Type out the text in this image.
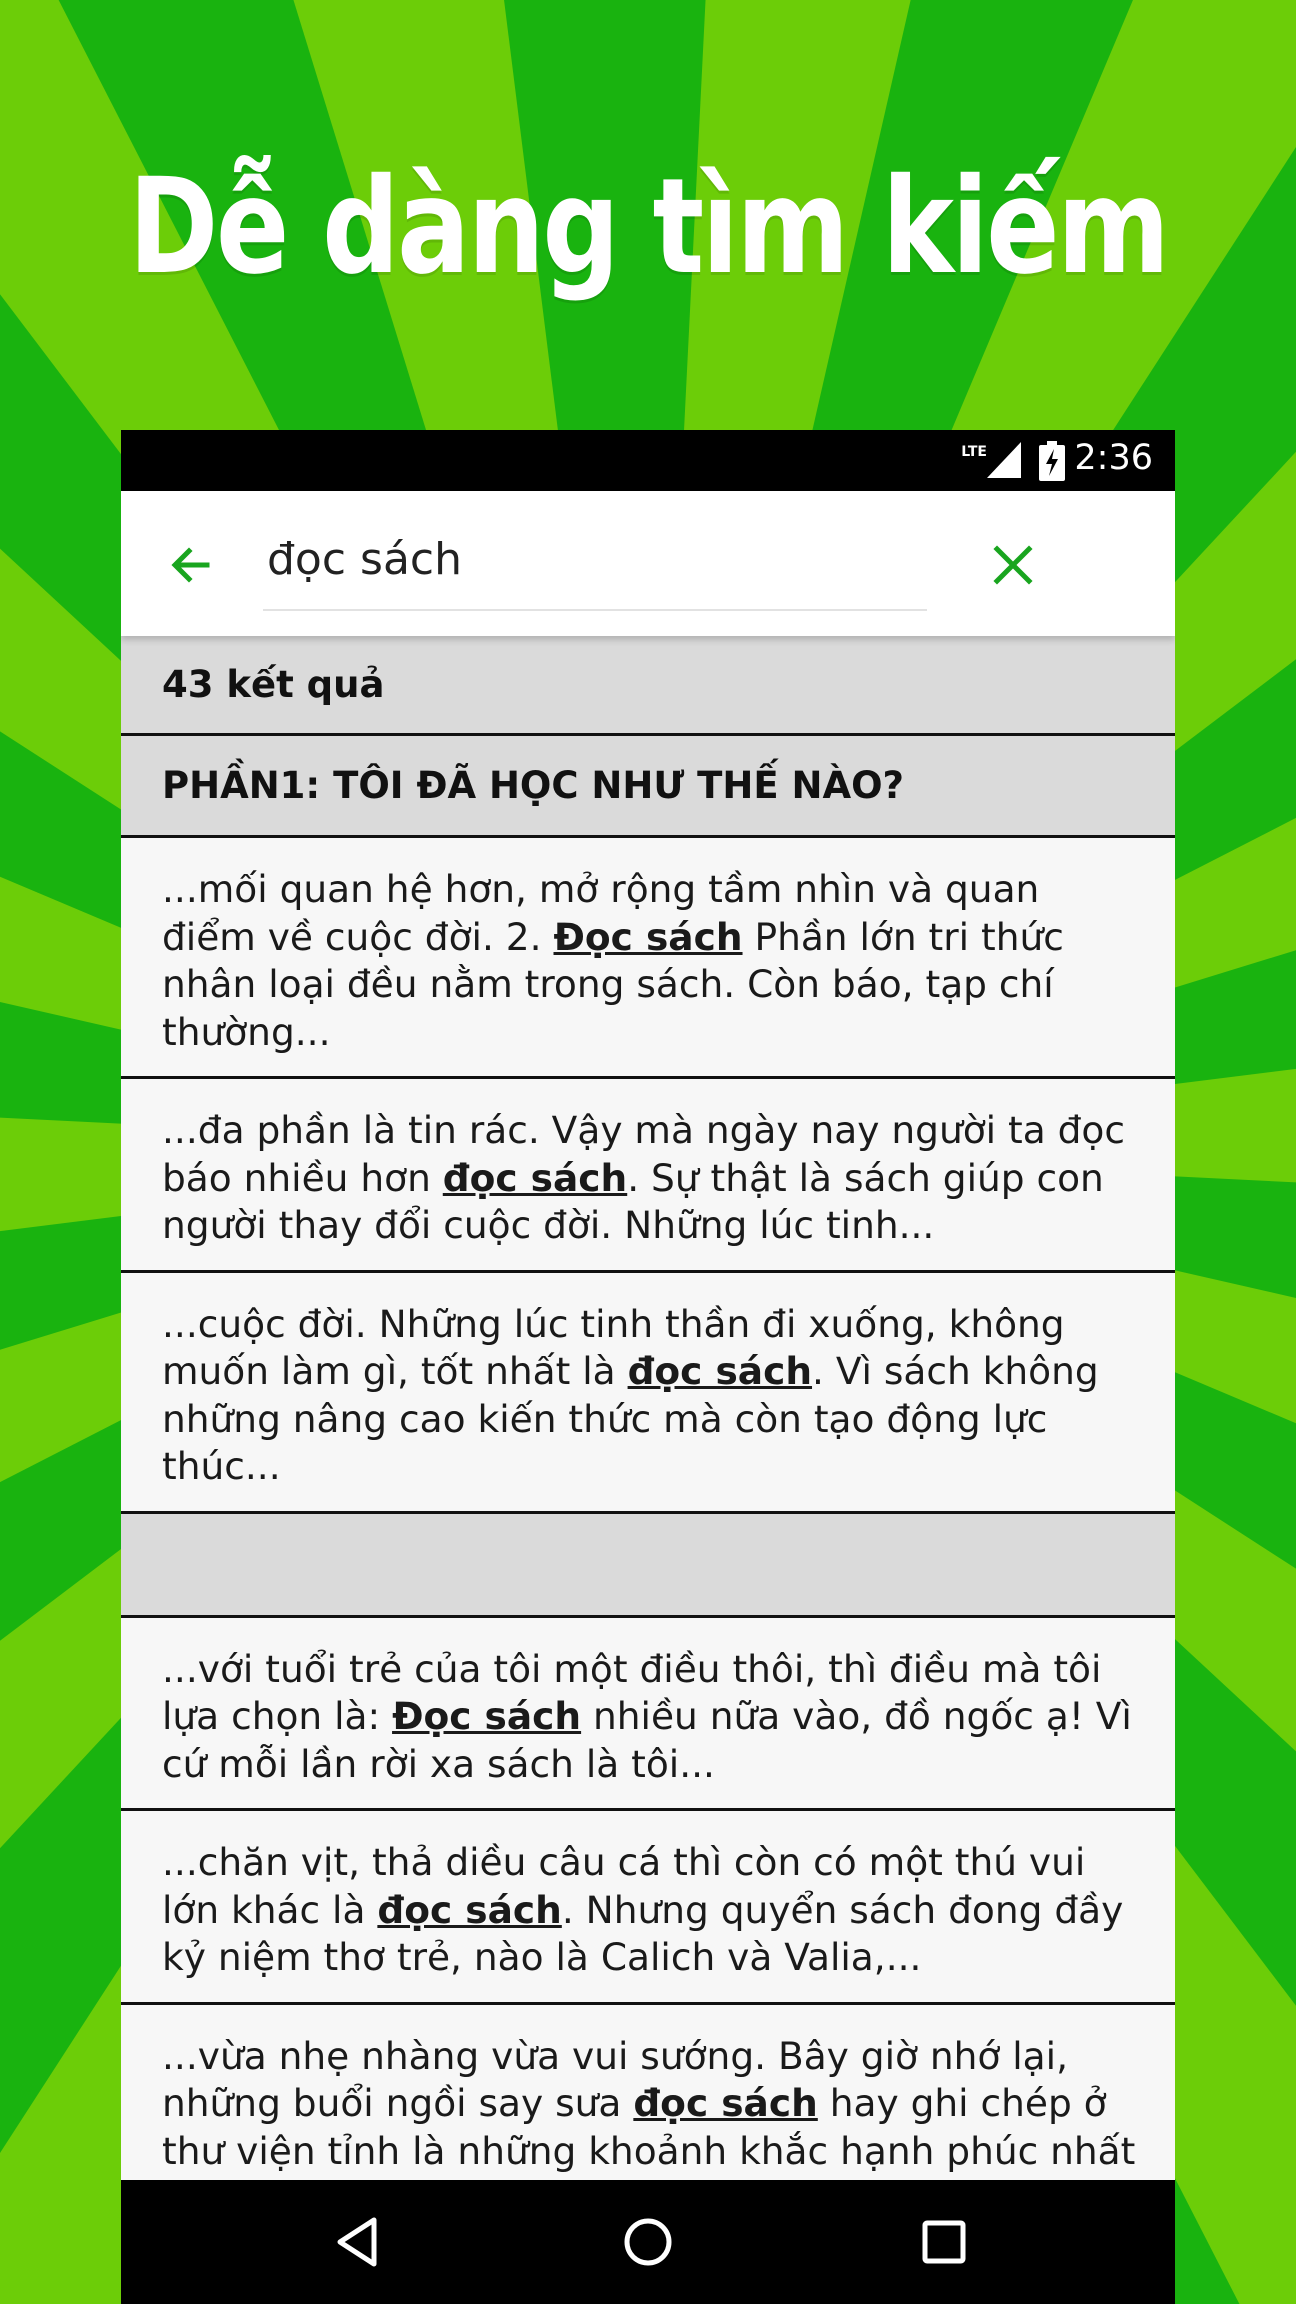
Dễ dàng tìm kiếm
LTE 2:36
đọc sách
43 kết quả
PHẦN1: TÔI ĐÃ HỌC NHƯ THẾ NÀO?
...mối quan hệ hơn, mở rộng tầm nhìn và quan điểm về cuộc đời. 2. Đọc sách Phần lớn tri thức nhân loại đều nằm trong sách. Còn báo, tạp chí thường...
...đa phần là tin rác. Vậy mà ngày nay người ta đọc báo nhiều hơn đọc sách. Sự thật là sách giúp con người thay đổi cuộc đời. Những lúc tinh...
...cuộc đời. Những lúc tinh thần đi xuống, không muốn làm gì, tốt nhất là đọc sách. Vì sách không những nâng cao kiến thức mà còn tạo động lực thúc...
...với tuổi trẻ của tôi một điều thôi, thì điều mà tôi lựa chọn là: Đọc sách nhiều nữa vào, đồ ngốc ạ! Vì cứ mỗi lần rời xa sách là tôi...
...chăn vịt, thả diều câu cá thì còn có một thú vui lớn khác là đọc sách. Nhưng quyển sách đong đầy kỷ niệm thơ trẻ, nào là Calich và Valia,...
...vừa nhẹ nhàng vừa vui sướng. Bây giờ nhớ lại, những buổi ngồi say sưa đọc sách hay ghi chép ở thư viện tỉnh là những khoảnh khắc hạnh phúc nhất
